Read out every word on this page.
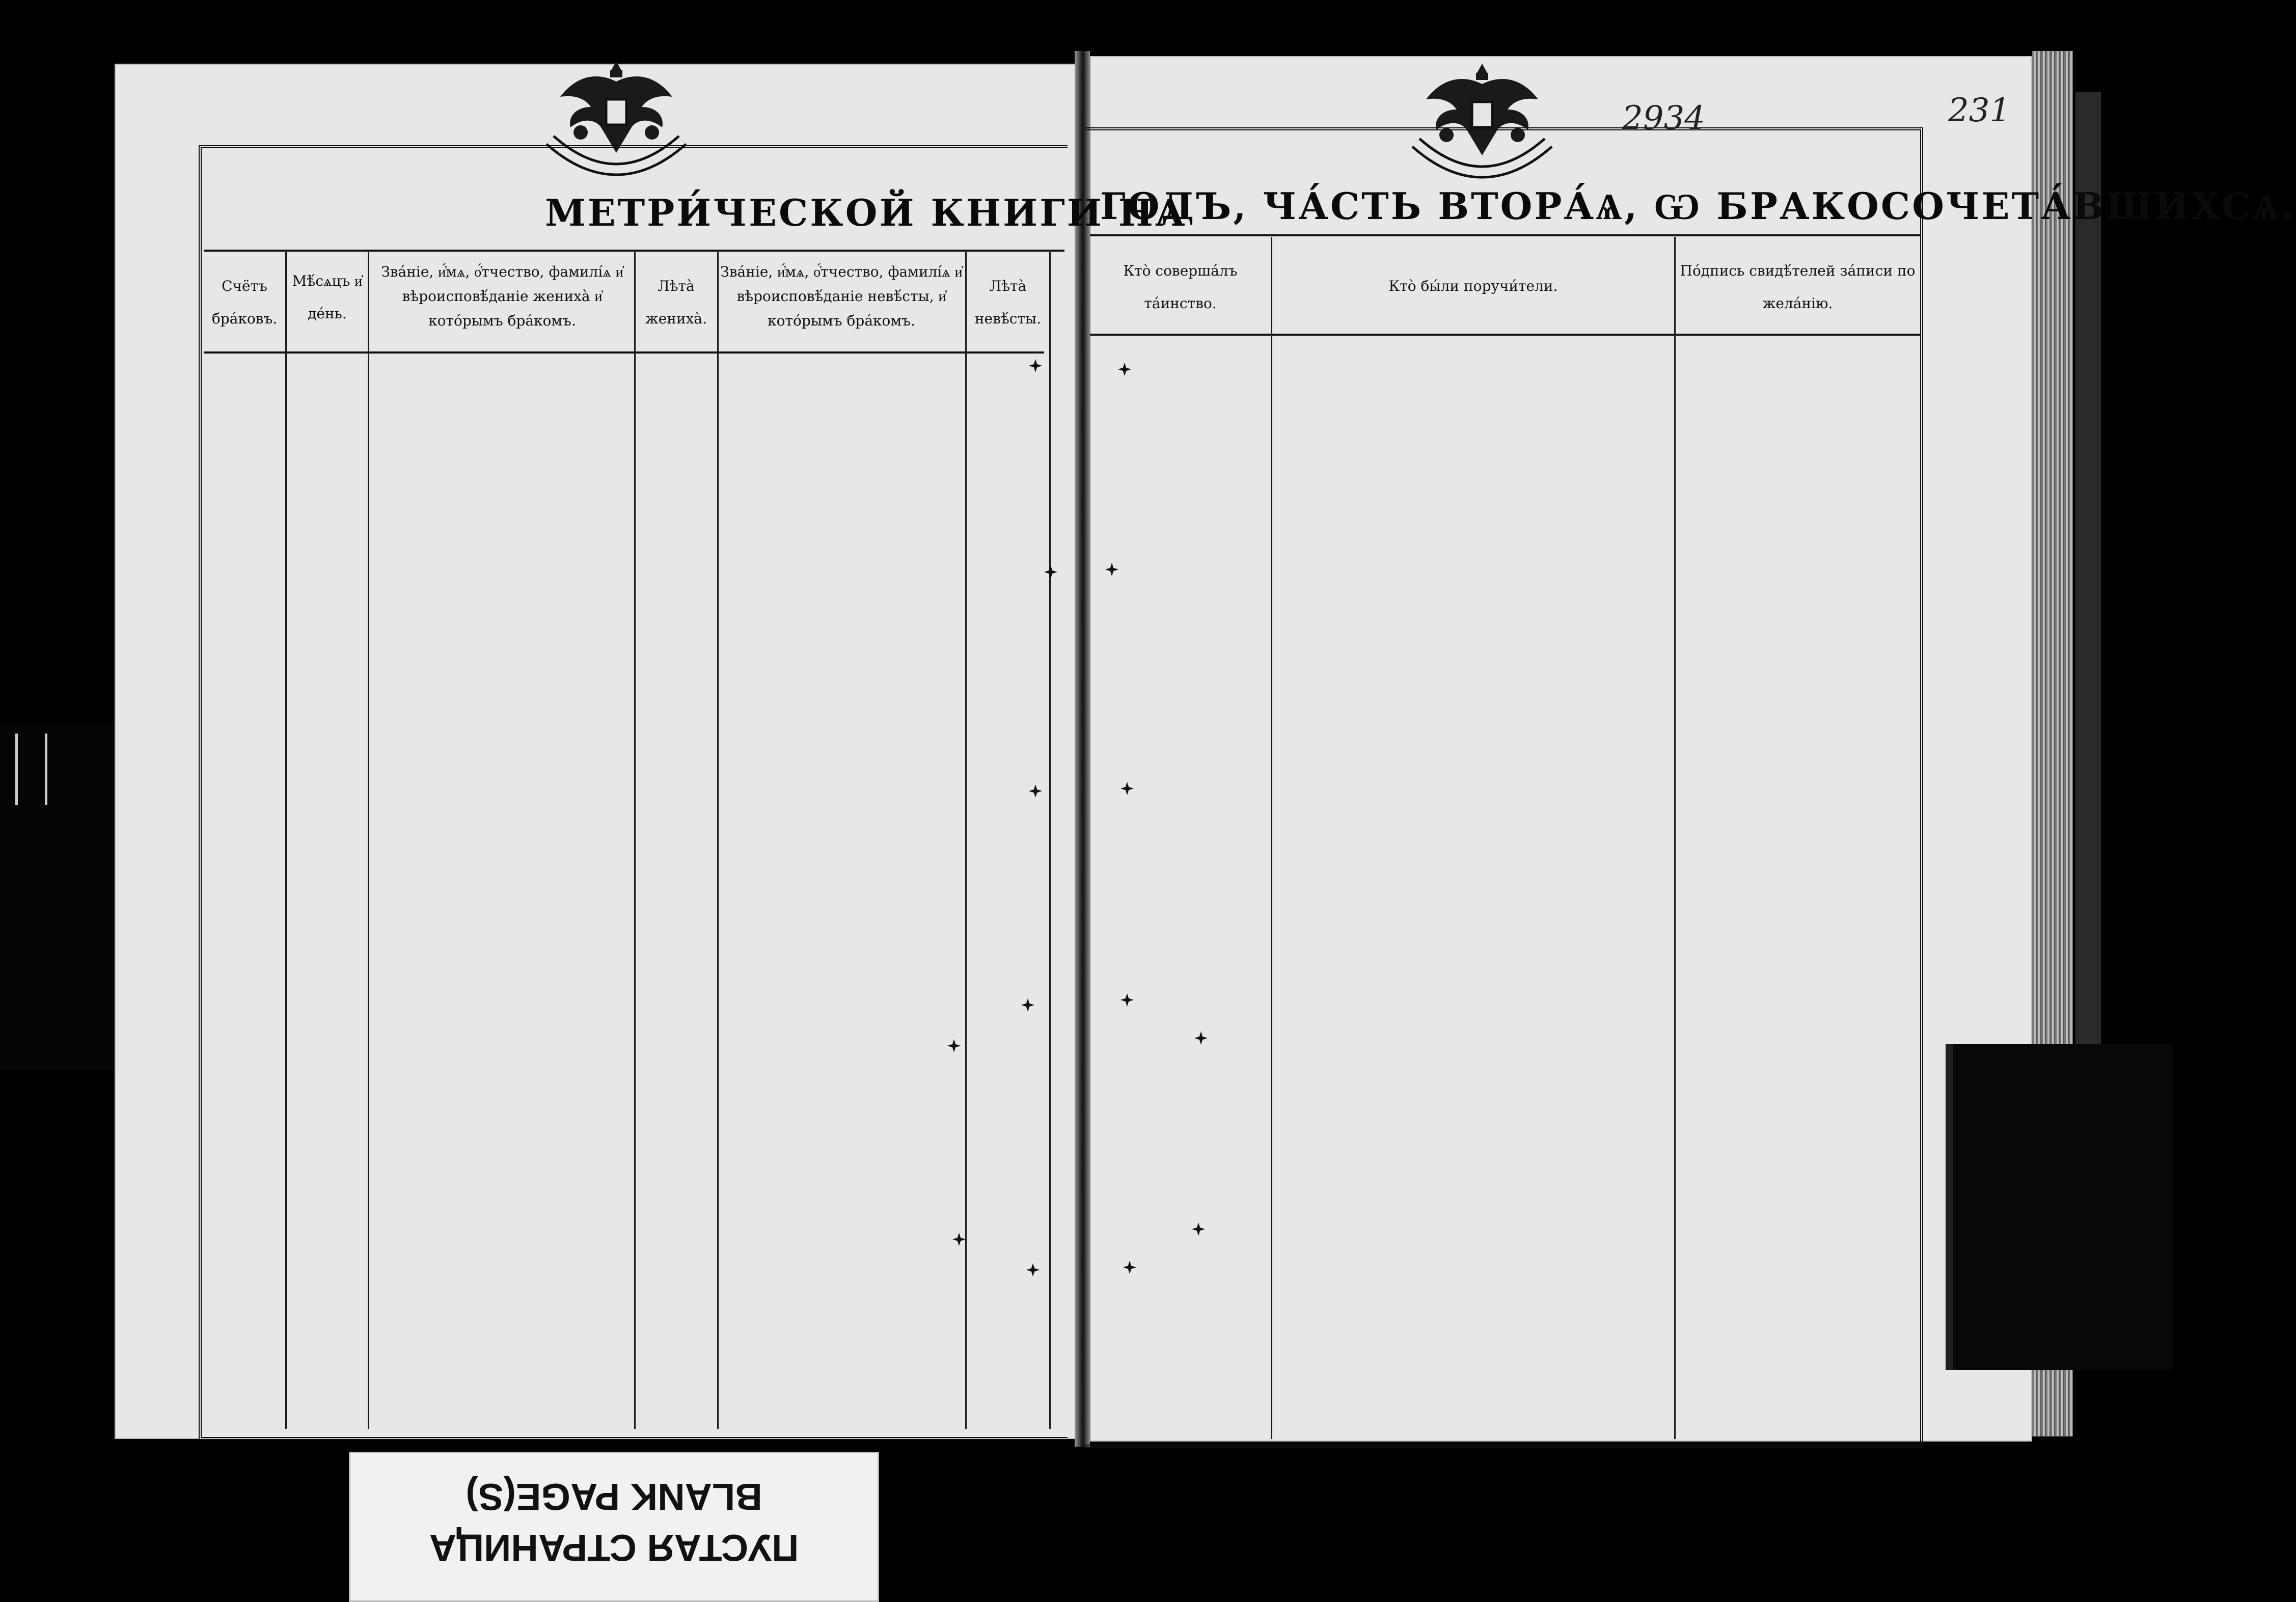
МЕТРИ́ЧЕСКОЙ КНИГИ НА
ГОДЪ, ЧА́СТЬ ВТОРА́Ѧ, Ѡ БРАКОСОЧЕТА́ВШИХСѦ.
Счётъ бра́ковъ.
Мѣ́сѧцъ и҆ де́нь.
Зва́ніе, и҆́мѧ, о҆́тчество, фамилі́ѧ и҆ вѣроисповѣ́даніе жениха̀ и҆ кото́рымъ бра́комъ.
Лѣта̀ жениха̀.
Зва́ніе, и҆́мѧ, о҆́тчество, фамилі́ѧ и҆ вѣроисповѣ́даніе невѣ́сты, и҆ кото́рымъ бра́комъ.
Лѣта̀ невѣ́сты.
Кто̀ соверша́лъ та́инство.
Кто̀ бы́ли поручи́тели.
По́дпись свидѣ́телей за́писи по жела́нію.
2934	231
BLANK PAGE(S)
ПУСТАЯ СТРАНИЦА
